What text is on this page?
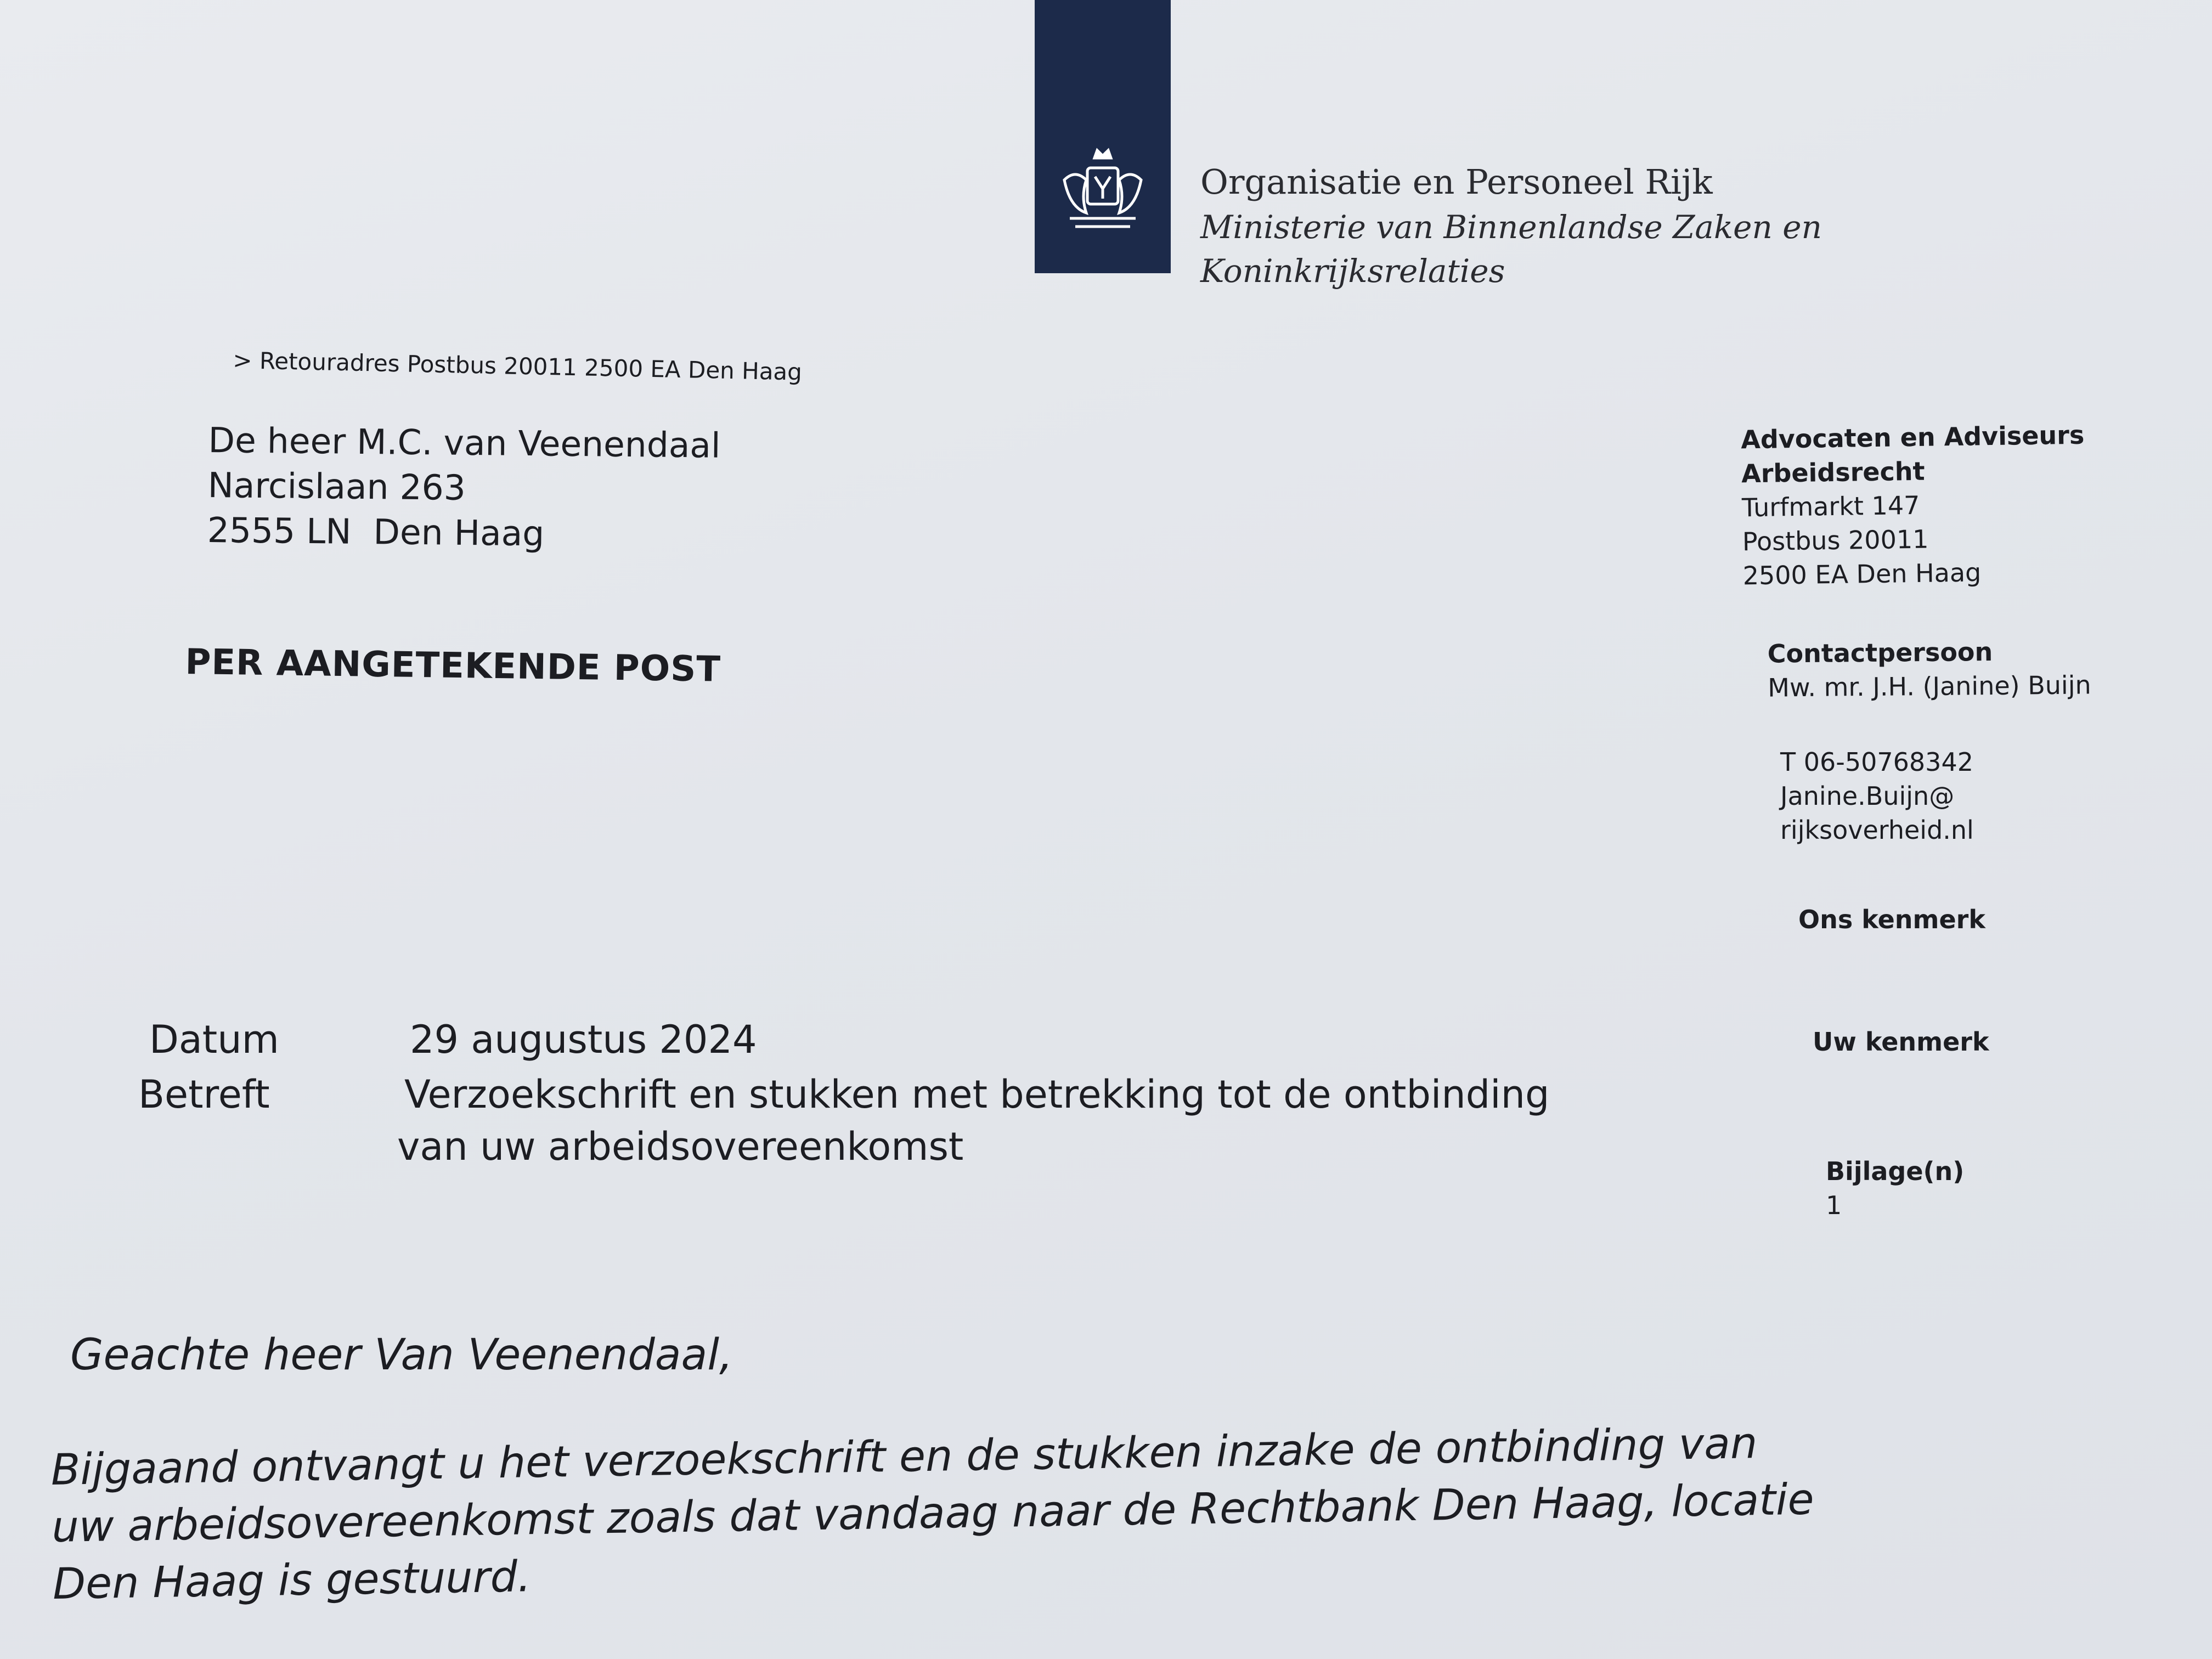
Organisatie en Personeel Rijk
Ministerie van Binnenlandse Zaken en
Koninkrijksrelaties
> Retouradres Postbus 20011 2500 EA Den Haag
De heer M.C. van Veenendaal
Narcislaan 263
2555 LN  Den Haag
PER AANGETEKENDE POST
Advocaten en Adviseurs
Arbeidsrecht
Turfmarkt 147
Postbus 20011
2500 EA Den Haag
Contactpersoon
Mw. mr. J.H. (Janine) Buijn
T 06-50768342
Janine.Buijn@
rijksoverheid.nl
Ons kenmerk
Uw kenmerk
Bijlage(n)
1
Datum	29 augustus 2024
Betreft	Verzoekschrift en stukken met betrekking tot de ontbinding
van uw arbeidsovereenkomst
Geachte heer Van Veenendaal,
Bijgaand ontvangt u het verzoekschrift en de stukken inzake de ontbinding van
uw arbeidsovereenkomst zoals dat vandaag naar de Rechtbank Den Haag, locatie
Den Haag is gestuurd.
